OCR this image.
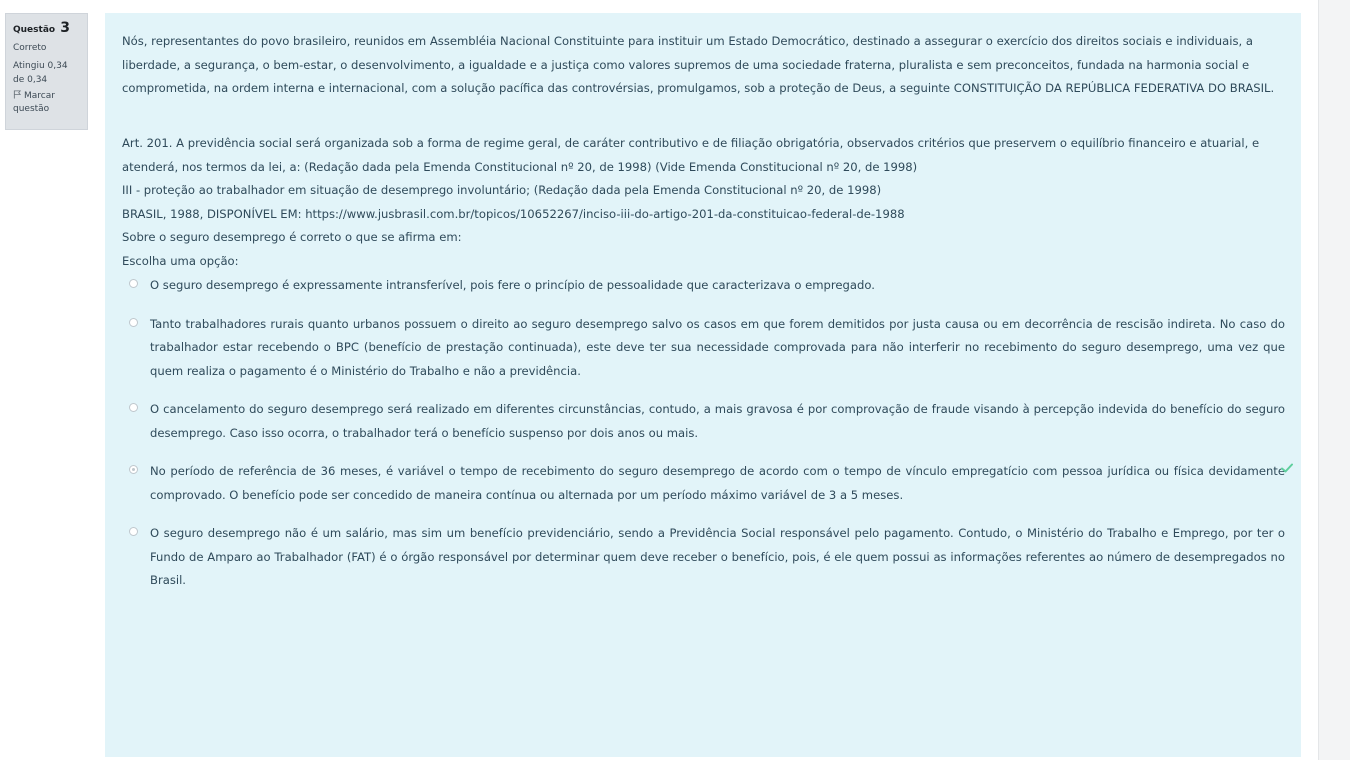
Questão 3
Correto
Atingiu 0,34 de 0,34
Marcar questão

Nós, representantes do povo brasileiro, reunidos em Assembléia Nacional Constituinte para instituir um Estado Democrático, destinado a assegurar o exercício dos direitos sociais e individuais, a liberdade, a segurança, o bem-estar, o desenvolvimento, a igualdade e a justiça como valores supremos de uma sociedade fraterna, pluralista e sem preconceitos, fundada na harmonia social e comprometida, na ordem interna e internacional, com a solução pacífica das controvérsias, promulgamos, sob a proteção de Deus, a seguinte CONSTITUIÇÃO DA REPÚBLICA FEDERATIVA DO BRASIL.

Art. 201. A previdência social será organizada sob a forma de regime geral, de caráter contributivo e de filiação obrigatória, observados critérios que preservem o equilíbrio financeiro e atuarial, e atenderá, nos termos da lei, a: (Redação dada pela Emenda Constitucional nº 20, de 1998) (Vide Emenda Constitucional nº 20, de 1998)

III - proteção ao trabalhador em situação de desemprego involuntário; (Redação dada pela Emenda Constitucional nº 20, de 1998)

BRASIL, 1988, DISPONÍVEL EM: https://www.jusbrasil.com.br/topicos/10652267/inciso-iii-do-artigo-201-da-constituicao-federal-de-1988

Sobre o seguro desemprego é correto o que se afirma em:

Escolha uma opção:

O seguro desemprego é expressamente intransferível, pois fere o princípio de pessoalidade que caracterizava o empregado.
Tanto trabalhadores rurais quanto urbanos possuem o direito ao seguro desemprego salvo os casos em que forem demitidos por justa causa ou em decorrência de rescisão indireta. No caso do trabalhador estar recebendo o BPC (benefício de prestação continuada), este deve ter sua necessidade comprovada para não interferir no recebimento do seguro desemprego, uma vez que quem realiza o pagamento é o Ministério do Trabalho e não a previdência.
O cancelamento do seguro desemprego será realizado em diferentes circunstâncias, contudo, a mais gravosa é por comprovação de fraude visando à percepção indevida do benefício do seguro desemprego. Caso isso ocorra, o trabalhador terá o benefício suspenso por dois anos ou mais.
No período de referência de 36 meses, é variável o tempo de recebimento do seguro desemprego de acordo com o tempo de vínculo empregatício com pessoa jurídica ou física devidamente comprovado. O benefício pode ser concedido de maneira contínua ou alternada por um período máximo variável de 3 a 5 meses.
O seguro desemprego não é um salário, mas sim um benefício previdenciário, sendo a Previdência Social responsável pelo pagamento. Contudo, o Ministério do Trabalho e Emprego, por ter o Fundo de Amparo ao Trabalhador (FAT) é o órgão responsável por determinar quem deve receber o benefício, pois, é ele quem possui as informações referentes ao número de desempregados no Brasil.
